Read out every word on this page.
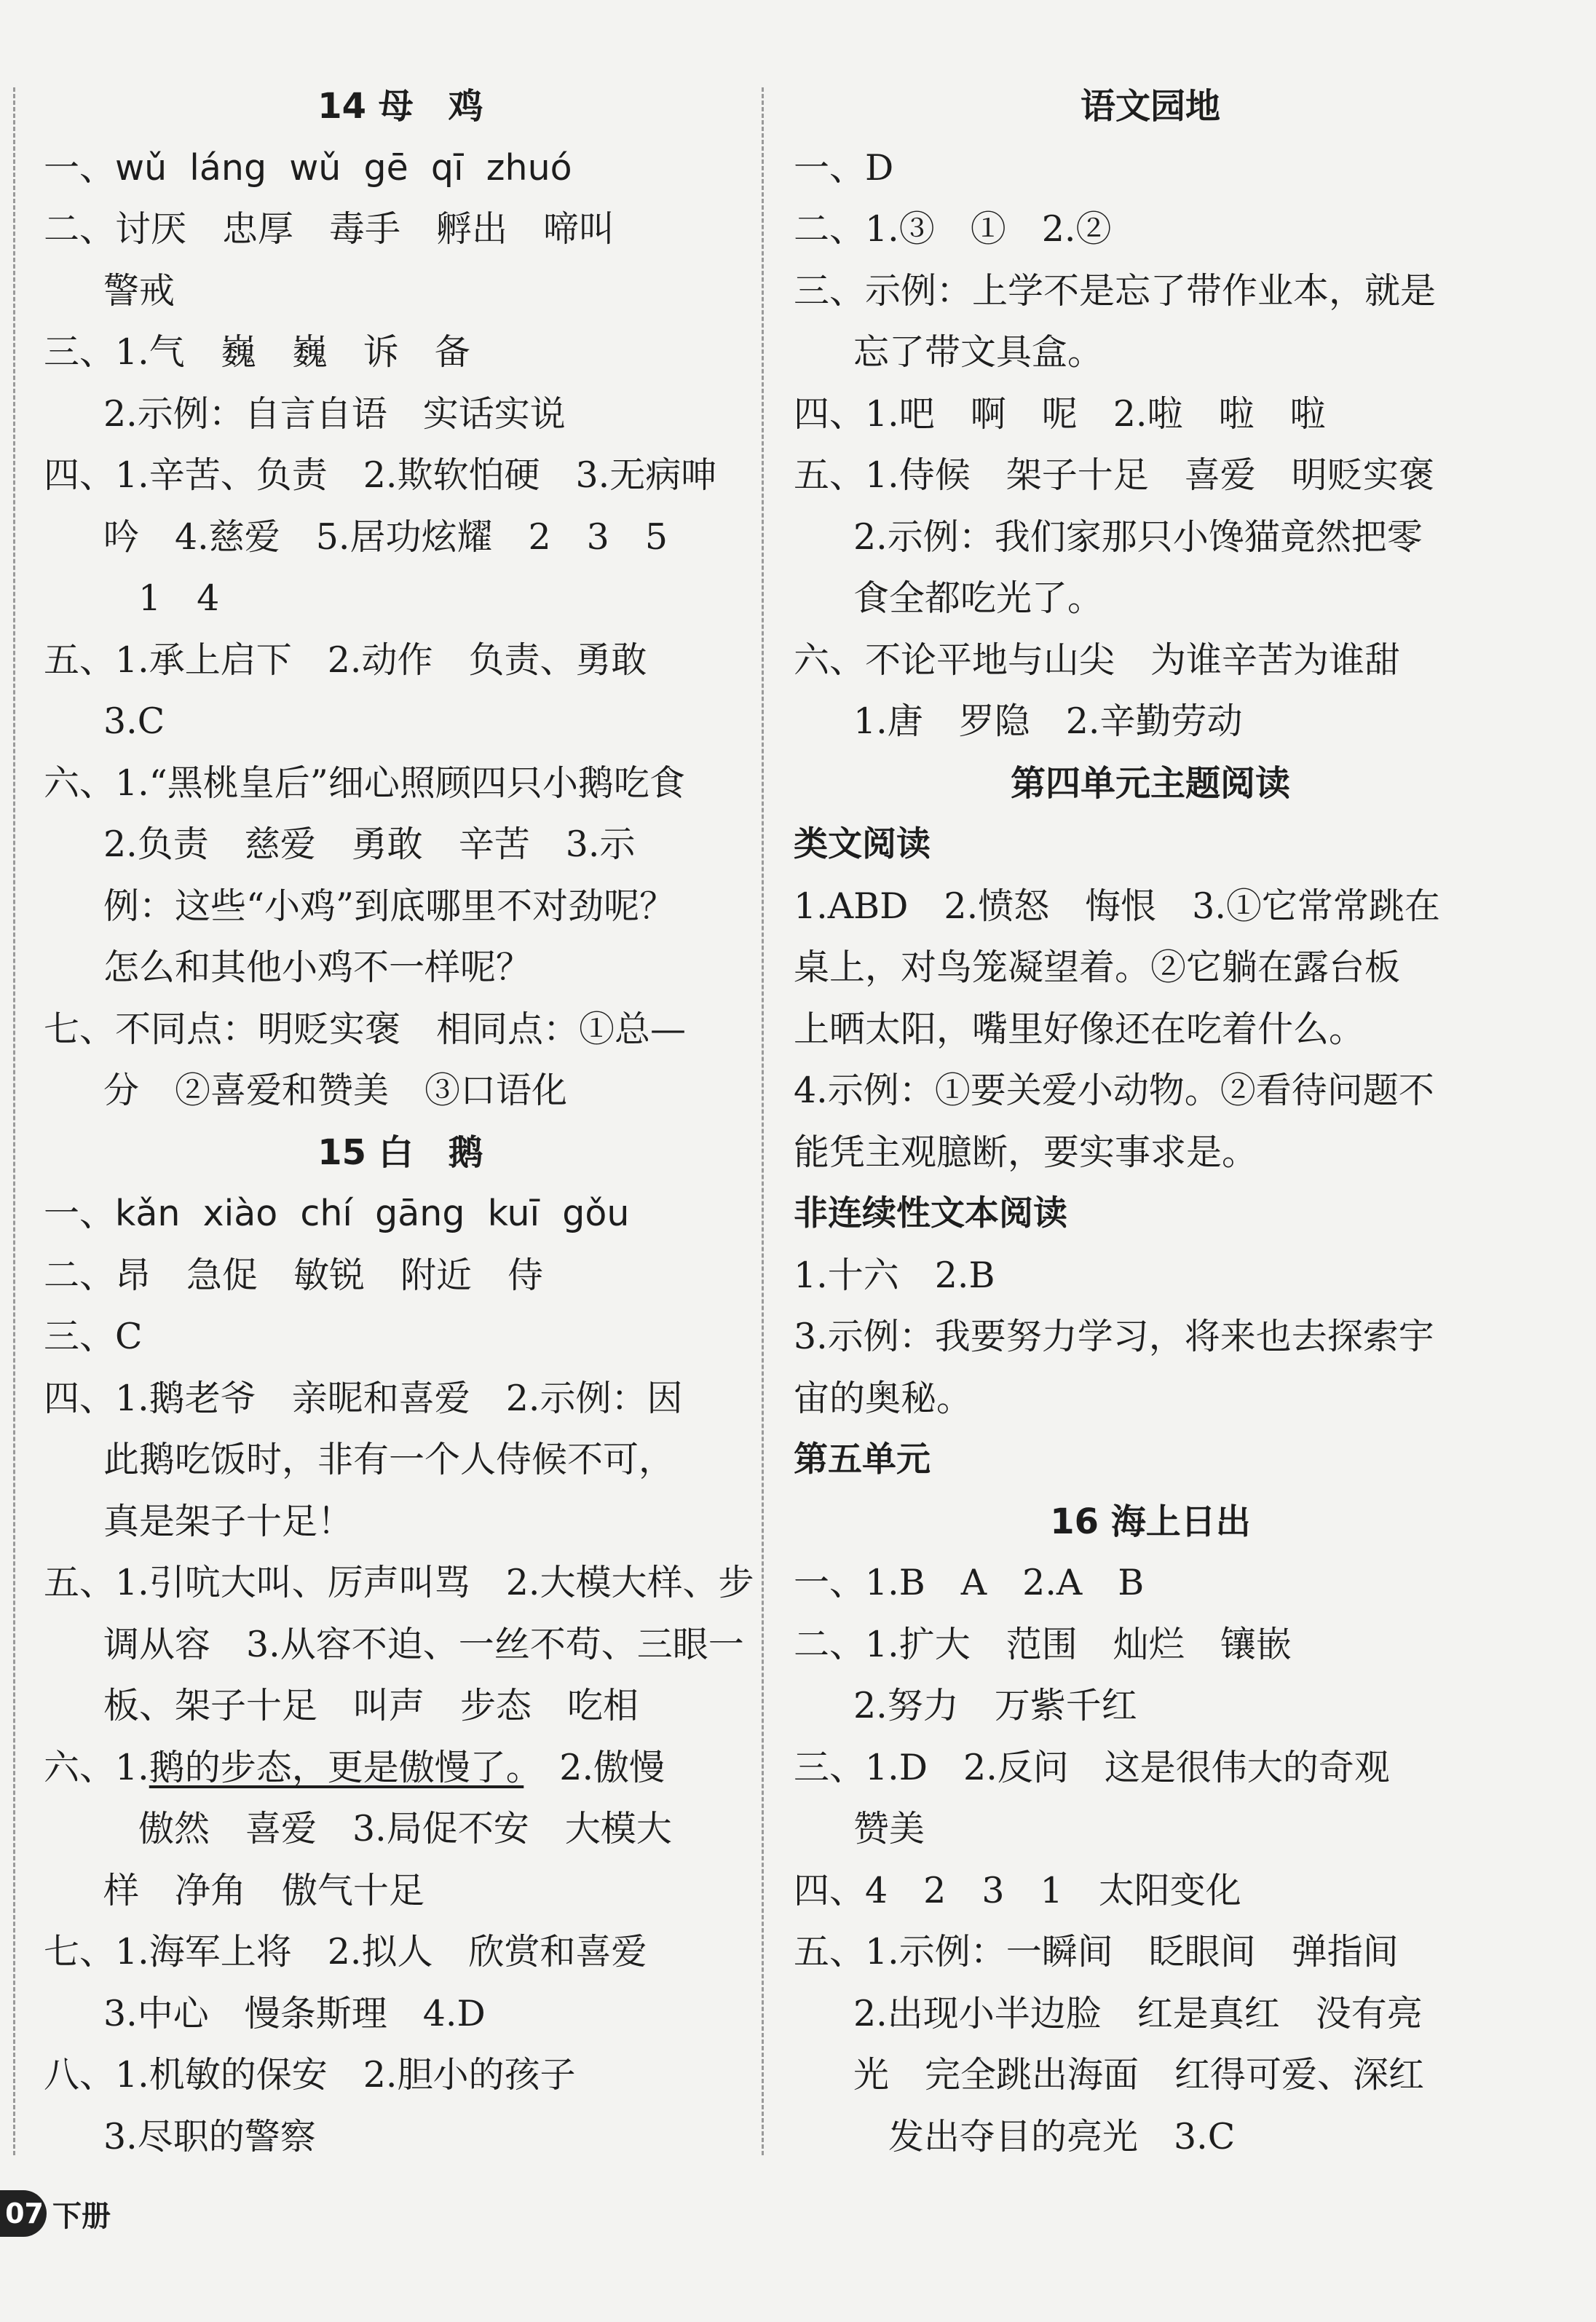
14 母　鸡
一、wǔ  láng  wǔ  gē  qī  zhuó
二、讨厌　忠厚　毒手　孵出　啼叫
警戒
三、1.气　巍　巍　诉　备
2.示例：自言自语　实话实说
四、1.辛苦、负责　2.欺软怕硬　3.无病呻
吟　4.慈爱　5.居功炫耀　2　3　5
1　4
五、1.承上启下　2.动作　负责、勇敢
3.C
六、1.“黑桃皇后”细心照顾四只小鹅吃食
2.负责　慈爱　勇敢　辛苦　3.示
例：这些“小鸡”到底哪里不对劲呢？
怎么和其他小鸡不一样呢？
七、不同点：明贬实褒　相同点：①总—
分　②喜爱和赞美　③口语化
15 白　鹅
一、kǎn  xiào  chí  gāng  kuī  gǒu
二、昂　急促　敏锐　附近　侍
三、C
四、1.鹅老爷　亲昵和喜爱　2.示例：因
此鹅吃饭时，非有一个人侍候不可，
真是架子十足！
五、1.引吭大叫、厉声叫骂　2.大模大样、步
调从容　3.从容不迫、一丝不苟、三眼一
板、架子十足　叫声　步态　吃相
六、1.鹅的步态，更是傲慢了。　2.傲慢
傲然　喜爱　3.局促不安　大模大
样　净角　傲气十足
七、1.海军上将　2.拟人　欣赏和喜爱
3.中心　慢条斯理　4.D
八、1.机敏的保安　2.胆小的孩子
3.尽职的警察
语文园地
一、D
二、1.③　①　2.②
三、示例：上学不是忘了带作业本，就是
忘了带文具盒。
四、1.吧　啊　呢　2.啦　啦　啦
五、1.侍候　架子十足　喜爱　明贬实褒
2.示例：我们家那只小馋猫竟然把零
食全都吃光了。
六、不论平地与山尖　为谁辛苦为谁甜
1.唐　罗隐　2.辛勤劳动
第四单元主题阅读
类文阅读
1.ABD　2.愤怒　悔恨　3.①它常常跳在
桌上，对鸟笼凝望着。②它躺在露台板
上晒太阳，嘴里好像还在吃着什么。
4.示例：①要关爱小动物。②看待问题不
能凭主观臆断，要实事求是。
非连续性文本阅读
1.十六　2.B
3.示例：我要努力学习，将来也去探索宇
宙的奥秘。
第五单元
16 海上日出
一、1.B　A　2.A　B
二、1.扩大　范围　灿烂　镶嵌
2.努力　万紫千红
三、1.D　2.反问　这是很伟大的奇观
赞美
四、4　2　3　1　太阳变化
五、1.示例：一瞬间　眨眼间　弹指间
2.出现小半边脸　红是真红　没有亮
光　完全跳出海面　红得可爱、深红
发出夺目的亮光　3.C
07 下册
